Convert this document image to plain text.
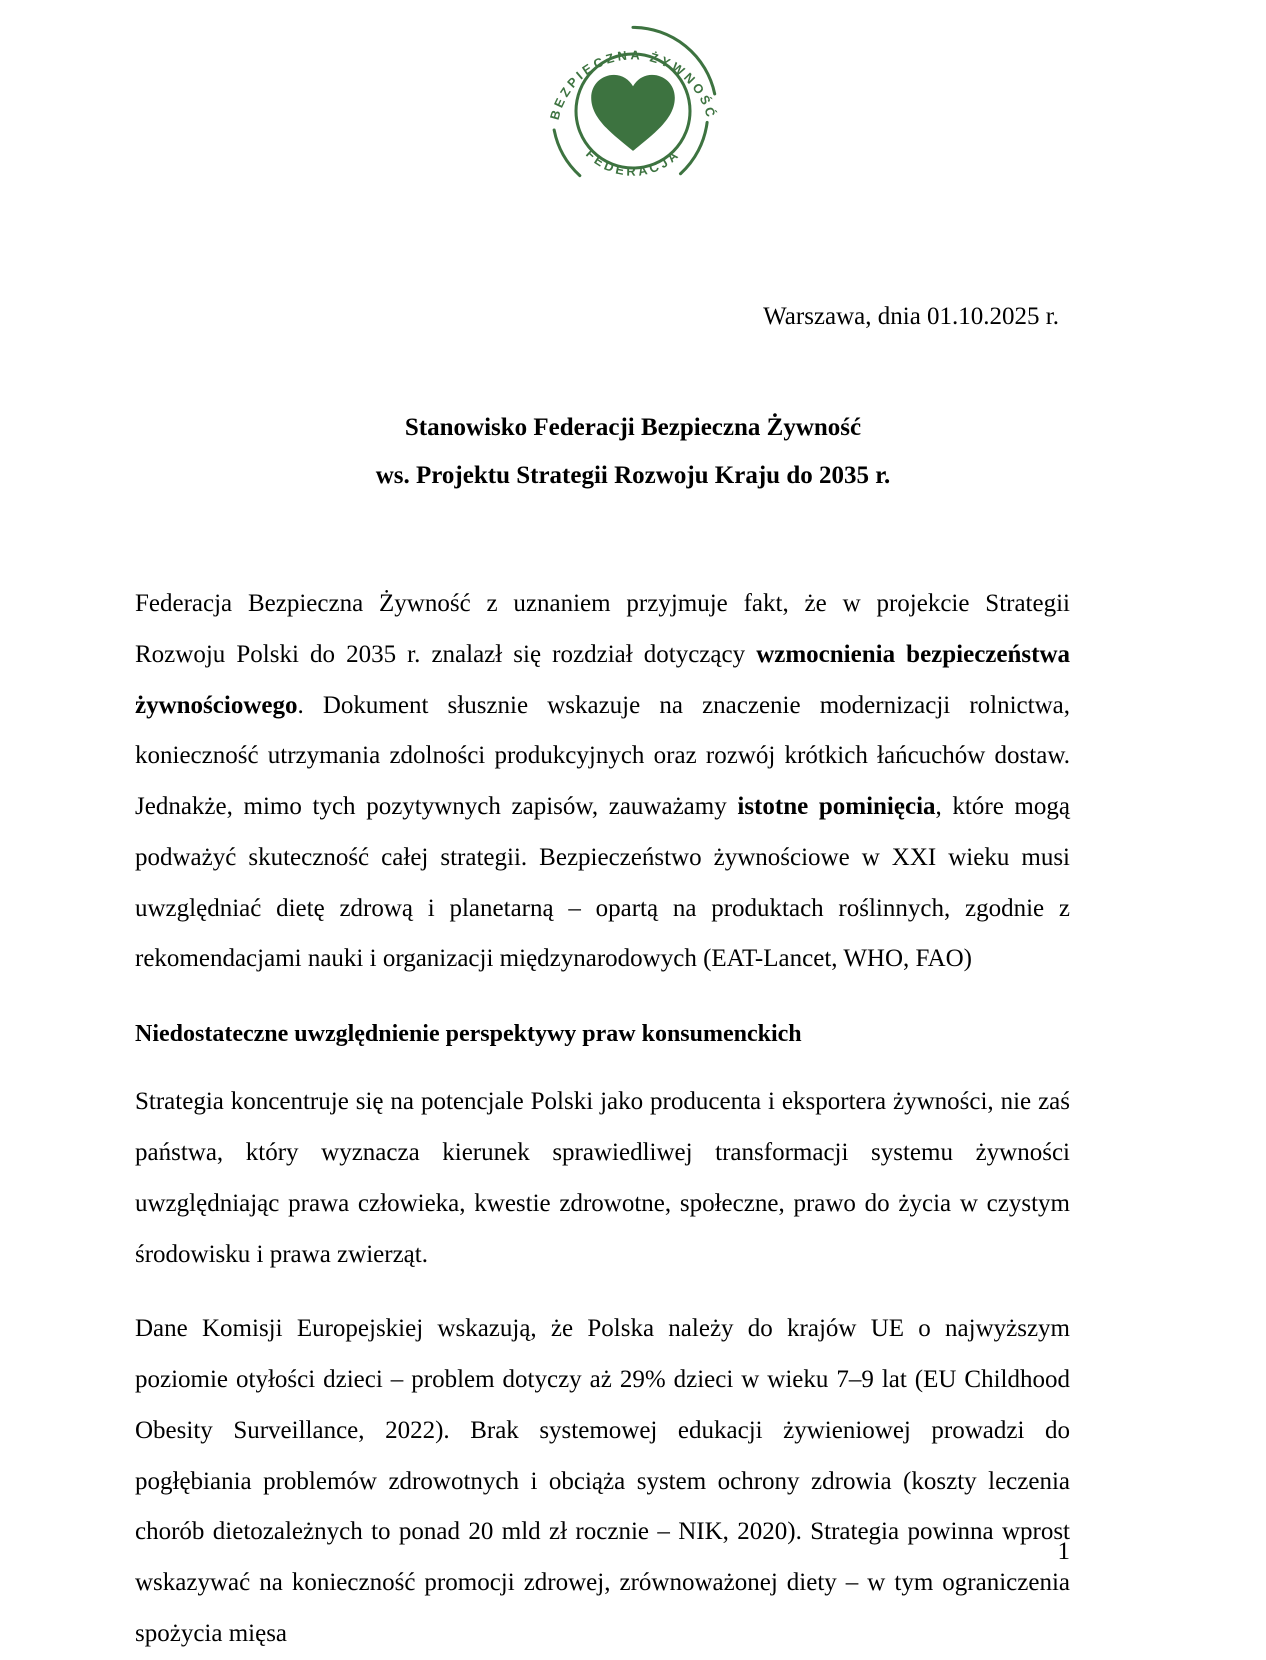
BEZPIECZNA ŻYWNOŚĆ
FEDERACJA
Warszawa, dnia 01.10.2025 r.
Stanowisko Federacji Bezpieczna Żywność
ws. Projektu Strategii Rozwoju Kraju do 2035 r.

Federacja Bezpieczna Żywność z uznaniem przyjmuje fakt, że w projekcie Strategii Rozwoju Polski do 2035 r. znalazł się rozdział dotyczący wzmocnienia bezpieczeństwa żywnościowego. Dokument słusznie wskazuje na znaczenie modernizacji rolnictwa, konieczność utrzymania zdolności produkcyjnych oraz rozwój krótkich łańcuchów dostaw. Jednakże, mimo tych pozytywnych zapisów, zauważamy istotne pominięcia, które mogą podważyć skuteczność całej strategii. Bezpieczeństwo żywnościowe w XXI wieku musi uwzględniać dietę zdrową i planetarną – opartą na produktach roślinnych, zgodnie z rekomendacjami nauki i organizacji międzynarodowych (EAT-Lancet, WHO, FAO)

Niedostateczne uwzględnienie perspektywy praw konsumenckich

Strategia koncentruje się na potencjale Polski jako producenta i eksportera żywności, nie zaś państwa, który wyznacza kierunek sprawiedliwej transformacji systemu żywności uwzględniając prawa człowieka, kwestie zdrowotne, społeczne, prawo do życia w czystym środowisku i prawa zwierząt.

Dane Komisji Europejskiej wskazują, że Polska należy do krajów UE o najwyższym poziomie otyłości dzieci – problem dotyczy aż 29% dzieci w wieku 7–9 lat (EU Childhood Obesity Surveillance, 2022). Brak systemowej edukacji żywieniowej prowadzi do pogłębiania problemów zdrowotnych i obciąża system ochrony zdrowia (koszty leczenia chorób dietozależnych to ponad 20 mld zł rocznie – NIK, 2020). Strategia powinna wprost wskazywać na konieczność promocji zdrowej, zrównoważonej diety – w tym ograniczenia spożycia mięsa

1
